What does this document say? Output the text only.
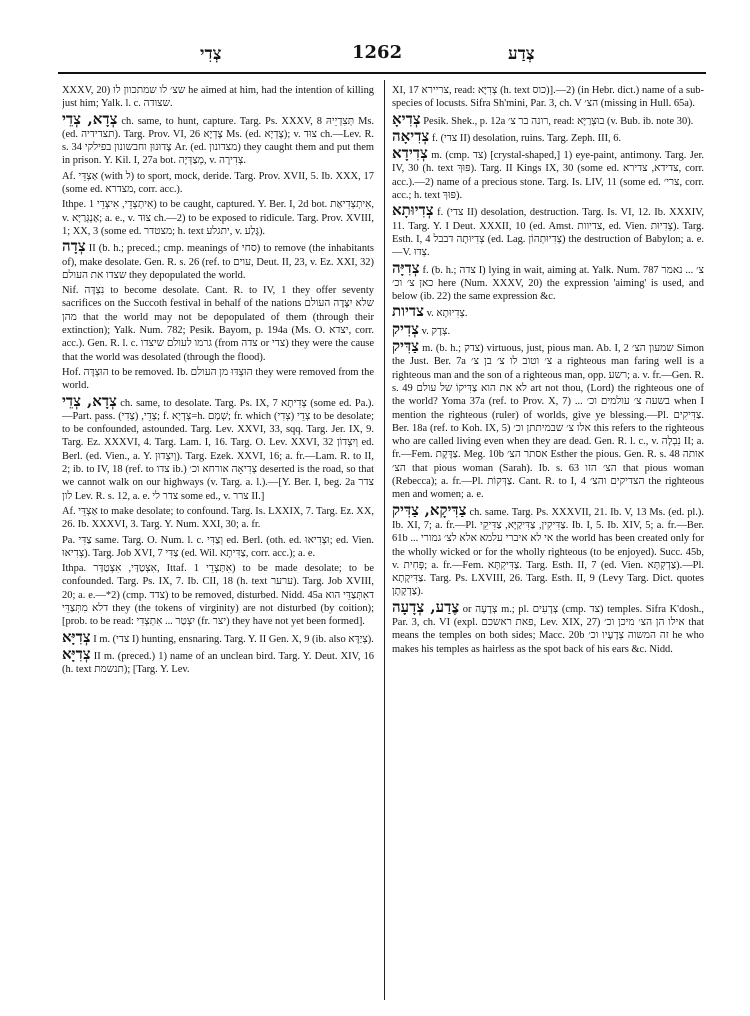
צְדִי	1262	צְדַע

XXXV, 20) שצ׳ לו שמתכוון לו he aimed at him, had the intention of killing just him; Yalk. l. c. שצודה.

צְדָא, צְדֵי ch. same, to hunt, capture. Targ. Ps. XXXV, 8 תְּצִדְיֵיהּ Ms. (ed. תצדידיה). Targ. Prov. VI, 26 צָדְיָא Ms. (ed. צָדְיָא); v. צוּד ch.—Lev. R. s. 34 צָדוּנוּן וחבשונון בפילקי Ar. (ed. מצדונון) they caught them and put them in prison. Y. Kil. I, 27a bot. מְצַדְּיָה, v. צְדִירָה.

Af. אַצְדֵּי (with ל) to sport, mock, deride. Targ. Prov. XVII, 5. Ib. XXX, 17 (some ed. מצדרא, corr. acc.).

Ithpe. אִיתְצְדֵי, אִיצְּדֵי 1) to be caught, captured. Y. Ber. I, 2d bot. אִיתְצְדִיאַת, v. אַנְגְּרַיָּא; a. e., v. צוּד ch.—2) to be exposed to ridicule. Targ. Prov. XVIII, 1; XX, 3 (some ed. מצטדר; h. text יתגלע, v. גָּלַע).

צְדָה II (b. h.; preced.; cmp. meanings of סחי) to remove (the inhabitants of), make desolate. Gen. R. s. 26 (ref. to עוים, Deut. II, 23, v. Ez. XXI, 32) שצדו את העולם they depopulated the world.

Nif. נִצְדָּה to become desolate. Cant. R. to IV, 1 they offer seventy sacrifices on the Succoth festival in behalf of the nations שלא יִצָּדֶה העולם מהן that the world may not be depopulated of them (through their extinction); Yalk. Num. 782; Pesik. Bayom, p. 194a (Ms. O. יצדא, corr. acc.). Gen. R. l. c. גרמו לעולם שיצדו (from צדה or צדי) they were the cause that the world was desolated (through the flood).

Hof. הוּצְדָּה to be removed. Ib. הוּצְדּוּ מן העולם they were removed from the world.

צְדָא, צְדֵי ch. same, to desolate. Targ. Ps. IX, 7 צְדִיתָא (some ed. Pa.).—Part. pass. צְדֵי, (צְדִי); f. צְדְיָא=h. שְׁמָם; fr. which צְדֵי (צְדִי) to be desolate; to be confounded, astounded. Targ. Lev. XXVI, 33, sqq. Targ. Jer. IX, 9. Targ. Ez. XXXVI, 4. Targ. Lam. I, 16. Targ. O. Lev. XXVI, 32 וְיִצְדוֹן ed. Berl. (ed. Vien., a. Y. וְיִצְדוּן). Targ. Ezek. XXVI, 16; a. fr.—Lam. R. to II, 2; ib. to IV, 18 (ref. to צדו ib.) צְדִיאָה אורחא וכ׳ deserted is the road, so that we cannot walk on our highways (v. Targ. a. l.).—[Y. Ber. I, beg. 2a צדר לון Lev. R. s. 12, a. e. צדר לי some ed., v. צרר II.]

Af. אַצְדֵּי to make desolate; to confound. Targ. Is. LXXIX, 7. Targ. Ez. XX, 26. Ib. XXXVI, 3. Targ. Y. Num. XXI, 30; a. fr.

Pa. צַדִּי same. Targ. O. Num. l. c. וְצַדִּי ed. Berl. (oth. ed. וּצְדִיאוּ; ed. Vien. צְדִיאוּ). Targ. Job XVI, 7 צַדִּי (ed. Wil. צַדִּיתָא, corr. acc.); a. e.

Ithpa. אִצְטַדַּי, אִצְטַדַּר, Ittaf. אִתַּצְדֵי 1) to be made desolate; to be confounded. Targ. Ps. IX, 7. Ib. CII, 18 (h. text ערער). Targ. Job XVIII, 20; a. e.—*2) (cmp. צדד) to be removed, disturbed. Nidd. 45a דאִתְּצַדֵּי הוא דלא מִתְּצַדֵּי they (the tokens of virginity) are not disturbed (by coition); [prob. to be read: יִצְטַר ... אִתְצְדִי (fr. יצר) they have not yet been formed].

צְדִיָּא I m. (צדי I) hunting, ensnaring. Targ. Y. II Gen. X, 9 (ib. also צְיַדָּא).

צְדִיָּא II m. (preced.) 1) name of an unclean bird. Targ. Y. Deut. XIV, 16 (h. text תנשמת); [Targ. Y. Lev.

XI, 17 צריירא, read: צְדִיָּא (h. text כוס)].—2) (in Hebr. dict.) name of a sub-species of locusts. Sifra Sh'mini, Par. 3, ch. V הצ׳ (missing in Hull. 65a).

צְדִיאָ Pesik. Shek., p. 12a רונה בר צ׳, read: בוּצְרַיָּא (v. Bub. ib. note 30).

צְדִיאָה f. (צדי II) desolation, ruins. Targ. Zeph. III, 6.

צְדִידָא m. (cmp. צד) [crystal-shaped,] 1) eye-paint, antimony. Targ. Jer. IV, 30 (h. text פּוּךְ). Targ. II Kings IX, 30 (some ed. צדידא, צדירא, corr. acc.).—2) name of a precious stone. Targ. Is. LIV, 11 (some ed. צרי׳, corr. acc.; h. text פּוּךְ).

צְדִיוּתָא f. (צדי II) desolation, destruction. Targ. Is. VI, 12. Ib. XXXIV, 11. Targ. Y. I Deut. XXXII, 10 (ed. Amst. צדיוות, ed. Vien. צְדִיוּת). Targ. Esth. I, 4 צְדִיוּתָה דבבל (ed. Lag. צְדִיוּתְהוֹן) the destruction of Babylon; a. e.—V. צְדוּ.

צְדִיָּה f. (b. h.; צדה I) lying in wait, aiming at. Yalk. Num. 787 צ׳ ... נאמר כאן צ׳ וכ׳ here (Num. XXXV, 20) the expression 'aiming' is used, and below (ib. 22) the same expression &c.

צדיות v. צְדִיוּתָא.

צְדִיק v. צְדָק.

צַדִּיק m. (b. h.; צדק) virtuous, just, pious man. Ab. I, 2 שמעון הצ׳ Simon the Just. Ber. 7a צ׳ וטוב לו צ׳ בן צ׳ a righteous man faring well is a righteous man and the son of a righteous man, opp. רשע; a. v. fr.—Gen. R. s. 49 לא את הוא צַדִּיקוֹ של עולם art not thou, (Lord) the righteous one of the world? Yoma 37a (ref. to Prov. X, 7) ... בשעה צ׳ עולמים וכ׳ when I mention the righteous (ruler) of worlds, give ye blessing.—Pl. צַדִּיקִים. Ber. 18a (ref. to Koh. IX, 5) אלו צ׳ שבמיתתן וכ׳ this refers to the righteous who are called living even when they are dead. Gen. R. l. c., v. נִבְלָה II; a. fr.—Fem. צַדֶּקֶת. Meg. 10b אסתר הצ׳ Esther the pious. Gen. R. s. 48 אותה הצ׳ that pious woman (Sarah). Ib. s. 63 הצ׳ הזו that pious woman (Rebecca); a. fr.—Pl. צַדְּקוֹת. Cant. R. to I, 4 הצדיקים והצ׳ the righteous men and women; a. e.

צַדִּיקָא, צַדִּיק ch. same. Targ. Ps. XXXVII, 21. Ib. V, 13 Ms. (ed. pl.). Ib. XI, 7; a. fr.—Pl. צַדִּיקִין, צַדִּיקַיָּא, צַדִּיקֵי. Ib. I, 5. Ib. XIV, 5; a. fr.—Ber. 61b ... אי לא איברי עלמא אלא לצ׳ גמורי the world has been created only for the wholly wicked or for the wholly righteous (to be enjoyed). Succ. 45b, v. פְּחִית; a. fr.—Fem. צַדִּיקְתָּא. Targ. Esth. II, 7 (ed. Vien. צַדְקְתָּא).—Pl. צַדִּיקָתָא. Targ. Ps. LXVIII, 26. Targ. Esth. II, 9 (Levy Targ. Dict. quotes צַדְקָתָן).

צֶדַע, צְדָעָה or צְדָעָה m.; pl. צְדָעִים (cmp. צד) temples. Sifra K'dosh., Par. 3, ch. VI (expl. פאת ראשכם, Lev. XIX, 27) אילו הן הצ׳ מיכן וכ׳ that means the temples on both sides; Macc. 20b זה המשוה צְדָעָיו וכ׳ he who makes his temples as hairless as the spot back of his ears &c. Nidd.
